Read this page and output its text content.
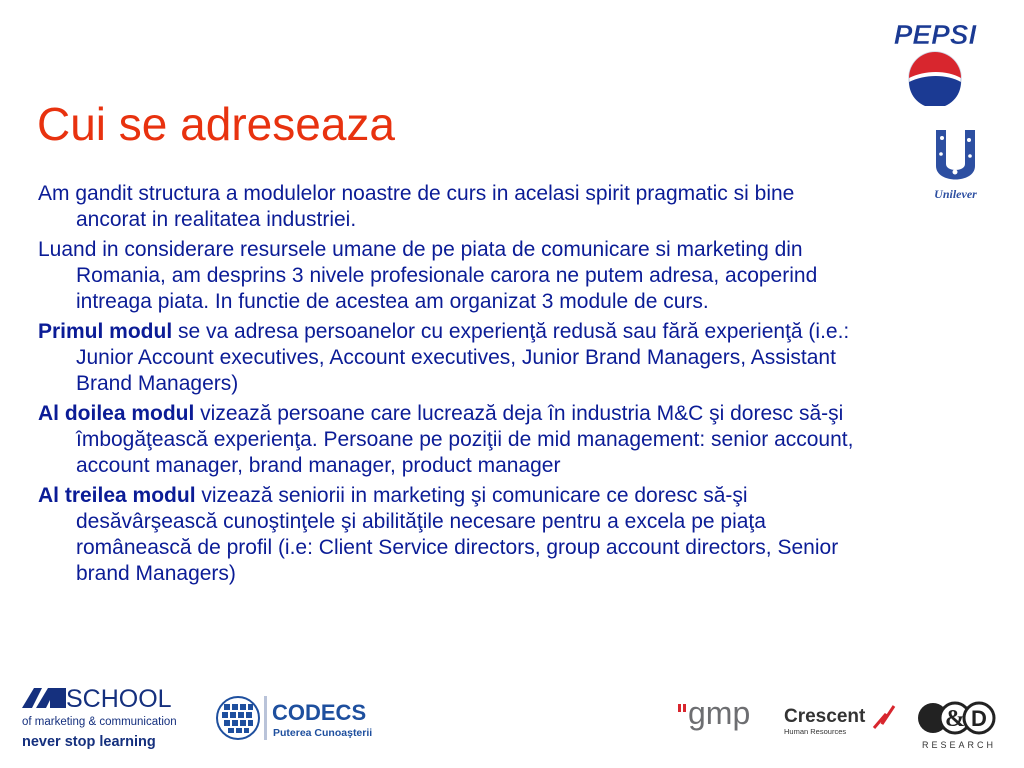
Cui se adreseaza

Am gandit structura a modulelor noastre de curs in acelasi spirit pragmatic si bine ancorat in realitatea industriei.

Luand in considerare resursele umane de pe piata de comunicare si marketing din Romania, am desprins 3 nivele profesionale carora ne putem adresa, acoperind intreaga piata. In functie de acestea am organizat 3 module de curs.

Primul modul se va adresa persoanelor cu experienţă redusă sau fără experienţă (i.e.: Junior Account executives, Account executives, Junior Brand Managers, Assistant Brand Managers)

Al doilea modul vizează persoane care lucrează deja în industria M&C şi doresc să-şi îmbogăţească experienţa. Persoane pe poziţii de mid management: senior account, account manager, brand manager, product manager

Al treilea modul vizează seniorii in marketing şi comunicare ce doresc să-şi desăvârşească cunoştinţele şi abilităţile necesare pentru a excela pe piaţa românească de profil (i.e: Client Service directors, group account directors, Senior brand Managers)

PEPSI
Unilever
SCHOOL
of marketing & communication
never stop learning
CODECS
Puterea Cunoaşterii
gmp Crescent
Human Resources	& D
RESEARCH
